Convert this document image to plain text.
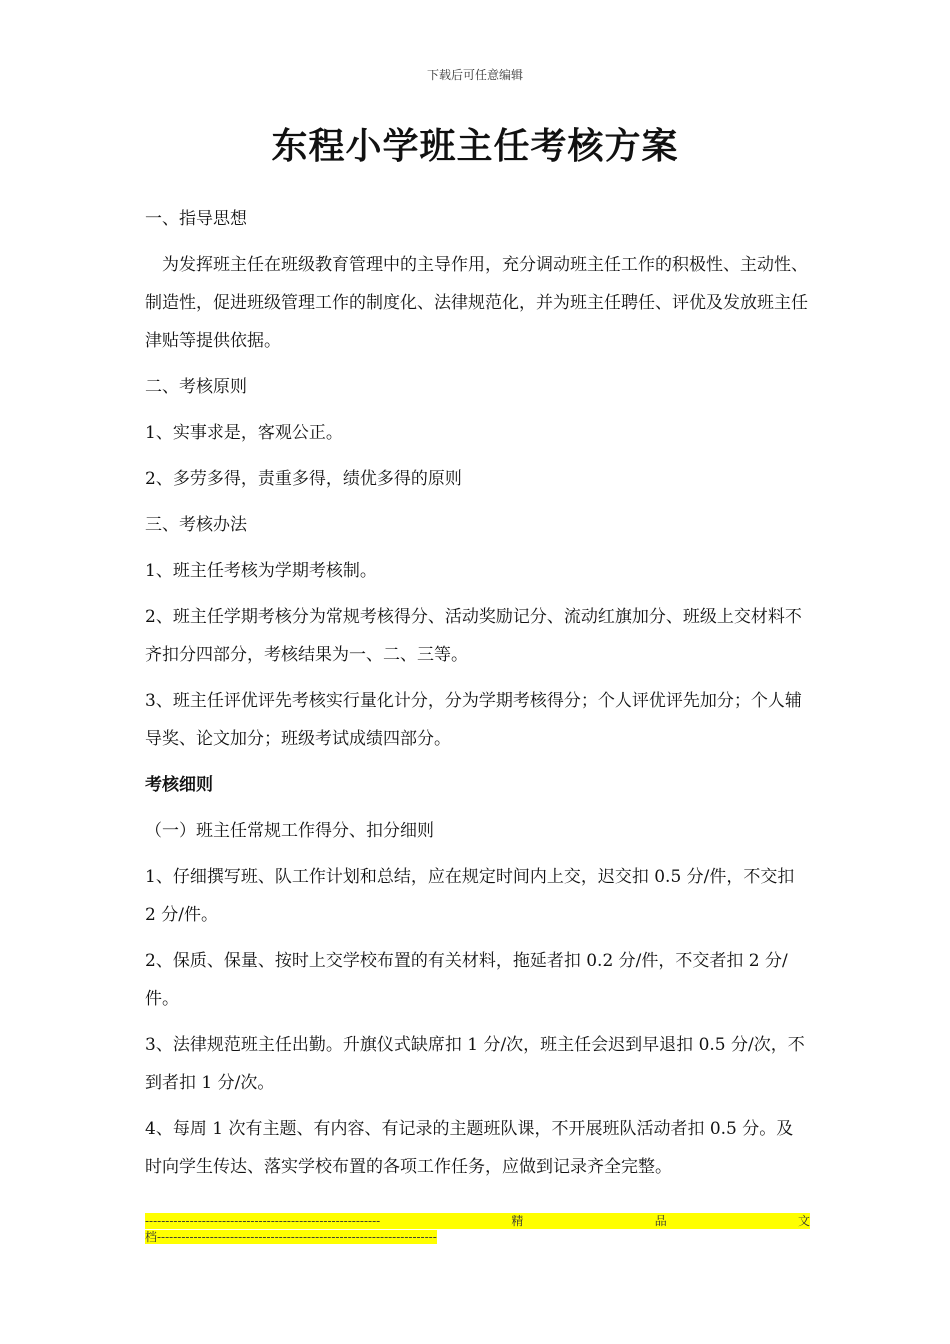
下载后可任意编辑
东程小学班主任考核方案

一、指导思想

为发挥班主任在班级教育管理中的主导作用，充分调动班主任工作的积极性、主动性、制造性，促进班级管理工作的制度化、法律规范化，并为班主任聘任、评优及发放班主任津贴等提供依据。

二、考核原则

1、实事求是，客观公正。

2、多劳多得，责重多得，绩优多得的原则

三、考核办法

1、班主任考核为学期考核制。

2、班主任学期考核分为常规考核得分、活动奖励记分、流动红旗加分、班级上交材料不齐扣分四部分，考核结果为一、二、三等。

3、班主任评优评先考核实行量化计分，分为学期考核得分；个人评优评先加分；个人辅导奖、论文加分；班级考试成绩四部分。

考核细则

（一）班主任常规工作得分、扣分细则

1、仔细撰写班、队工作计划和总结，应在规定时间内上交，迟交扣 0.5 分/件，不交扣 2 分/件。

2、保质、保量、按时上交学校布置的有关材料，拖延者扣 0.2 分/件，不交者扣 2 分/件。

3、法律规范班主任出勤。升旗仪式缺席扣 1 分/次，班主任会迟到早退扣 0.5 分/次，不到者扣 1 分/次。

4、每周 1 次有主题、有内容、有记录的主题班队课，不开展班队活动者扣 0.5 分。及时向学生传达、落实学校布置的各项工作任务，应做到记录齐全完整。

----------------------------------------------------------	精	品	文
档---------------------------------------------------------------------
